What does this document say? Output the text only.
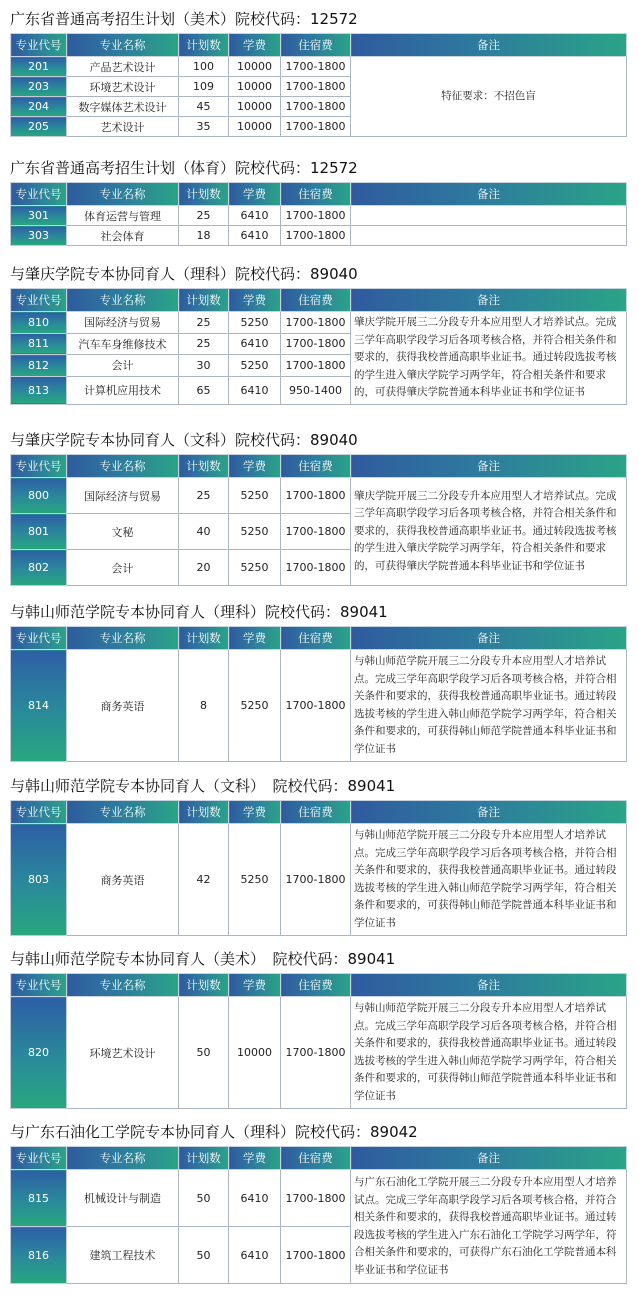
广东省普通高考招生计划（美术）院校代码：12572
专业代号	专业名称	计划数	学费	住宿费	备注
201	产品艺术设计	100	10000	1700-1800	特征要求：不招色盲
203	环境艺术设计	109	10000	1700-1800	
204	数字媒体艺术设计	45	10000	1700-1800	
205	艺术设计	35	10000	1700-1800	
广东省普通高考招生计划（体育）院校代码：12572
专业代号	专业名称	计划数	学费	住宿费	备注
301	体育运营与管理	25	6410	1700-1800	
303	社会体育	18	6410	1700-1800	
与肇庆学院专本协同育人（理科）院校代码：89040
专业代号	专业名称	计划数	学费	住宿费	备注
810	国际经济与贸易	25	5250	1700-1800	肇庆学院开展三二分段专升本应用型人才培养试点。完成三学年高职学段学习后各项考核合格，并符合相关条件和要求的，获得我校普通高职毕业证书。通过转段选拔考核的学生进入肇庆学院学习两学年，符合相关条件和要求的，可获得肇庆学院普通本科毕业证书和学位证书
811	汽车车身维修技术	25	6410	1700-1800	
812	会计	30	5250	1700-1800	
813	计算机应用技术	65	6410	950-1400	
与肇庆学院专本协同育人（文科）院校代码：89040
专业代号	专业名称	计划数	学费	住宿费	备注
800	国际经济与贸易	25	5250	1700-1800	肇庆学院开展三二分段专升本应用型人才培养试点。完成三学年高职学段学习后各项考核合格，并符合相关条件和要求的，获得我校普通高职毕业证书。通过转段选拔考核的学生进入肇庆学院学习两学年，符合相关条件和要求的，可获得肇庆学院普通本科毕业证书和学位证书
801	文秘	40	5250	1700-1800	
802	会计	20	5250	1700-1800	
与韩山师范学院专本协同育人（理科）院校代码：89041
专业代号	专业名称	计划数	学费	住宿费	备注
814	商务英语	8	5250	1700-1800	与韩山师范学院开展三二分段专升本应用型人才培养试点。完成三学年高职学段学习后各项考核合格，并符合相关条件和要求的，获得我校普通高职毕业证书。通过转段选拔考核的学生进入韩山师范学院学习两学年，符合相关条件和要求的，可获得韩山师范学院普通本科毕业证书和学位证书
与韩山师范学院专本协同育人（文科）　院校代码：89041
专业代号	专业名称	计划数	学费	住宿费	备注
803	商务英语	42	5250	1700-1800	与韩山师范学院开展三二分段专升本应用型人才培养试点。完成三学年高职学段学习后各项考核合格，并符合相关条件和要求的，获得我校普通高职毕业证书。通过转段选拔考核的学生进入韩山师范学院学习两学年，符合相关条件和要求的，可获得韩山师范学院普通本科毕业证书和学位证书
与韩山师范学院专本协同育人（美术）　院校代码：89041
专业代号	专业名称	计划数	学费	住宿费	备注
820	环境艺术设计	50	10000	1700-1800	与韩山师范学院开展三二分段专升本应用型人才培养试点。完成三学年高职学段学习后各项考核合格，并符合相关条件和要求的，获得我校普通高职毕业证书。通过转段选拔考核的学生进入韩山师范学院学习两学年，符合相关条件和要求的，可获得韩山师范学院普通本科毕业证书和学位证书
与广东石油化工学院专本协同育人（理科）院校代码：89042
专业代号	专业名称	计划数	学费	住宿费	备注
815	机械设计与制造	50	6410	1700-1800	与广东石油化工学院开展三二分段专升本应用型人才培养试点。完成三学年高职学段学习后各项考核合格，并符合相关条件和要求的，获得我校普通高职毕业证书。通过转段选拔考核的学生进入广东石油化工学院学习两学年，符合相关条件和要求的，可获得广东石油化工学院普通本科毕业证书和学位证书
816	建筑工程技术	50	6410	1700-1800	
